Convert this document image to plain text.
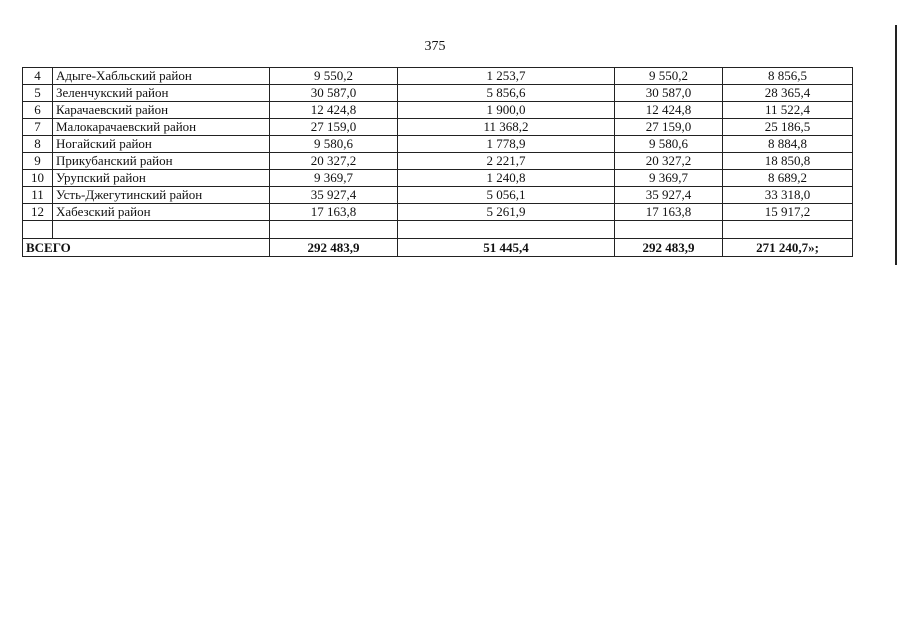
375
4	Адыге-Хабльский район	9 550,2	1 253,7	9 550,2	8 856,5
5	Зеленчукский район	30 587,0	5 856,6	30 587,0	28 365,4
6	Карачаевский район	12 424,8	1 900,0	12 424,8	11 522,4
7	Малокарачаевский район	27 159,0	11 368,2	27 159,0	25 186,5
8	Ногайский район	9 580,6	1 778,9	9 580,6	8 884,8
9	Прикубанский район	20 327,2	2 221,7	20 327,2	18 850,8
10	Урупский район	9 369,7	1 240,8	9 369,7	8 689,2
11	Усть-Джегутинский район	35 927,4	5 056,1	35 927,4	33 318,0
12	Хабезский район	17 163,8	5 261,9	17 163,8	15 917,2

ВСЕГО		292 483,9	51 445,4	292 483,9	271 240,7»;
